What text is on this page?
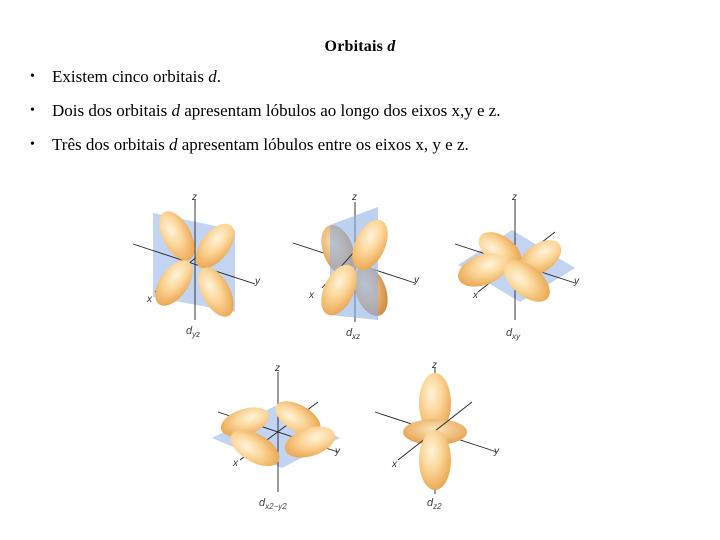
Orbitais d
• Existem cinco orbitais d.
• Dois dos orbitais d apresentam lóbulos ao longo dos eixos x,y e z.
• Três dos orbitais d apresentam lóbulos entre os eixos x, y e z.
z
y
x
$d_{yz}$
z
y
x
$d_{xz}$
z
y
x
$d_{xy}$
z
y
x
$d_{x2-y2}$
z
y
x
$d_{z2}$
